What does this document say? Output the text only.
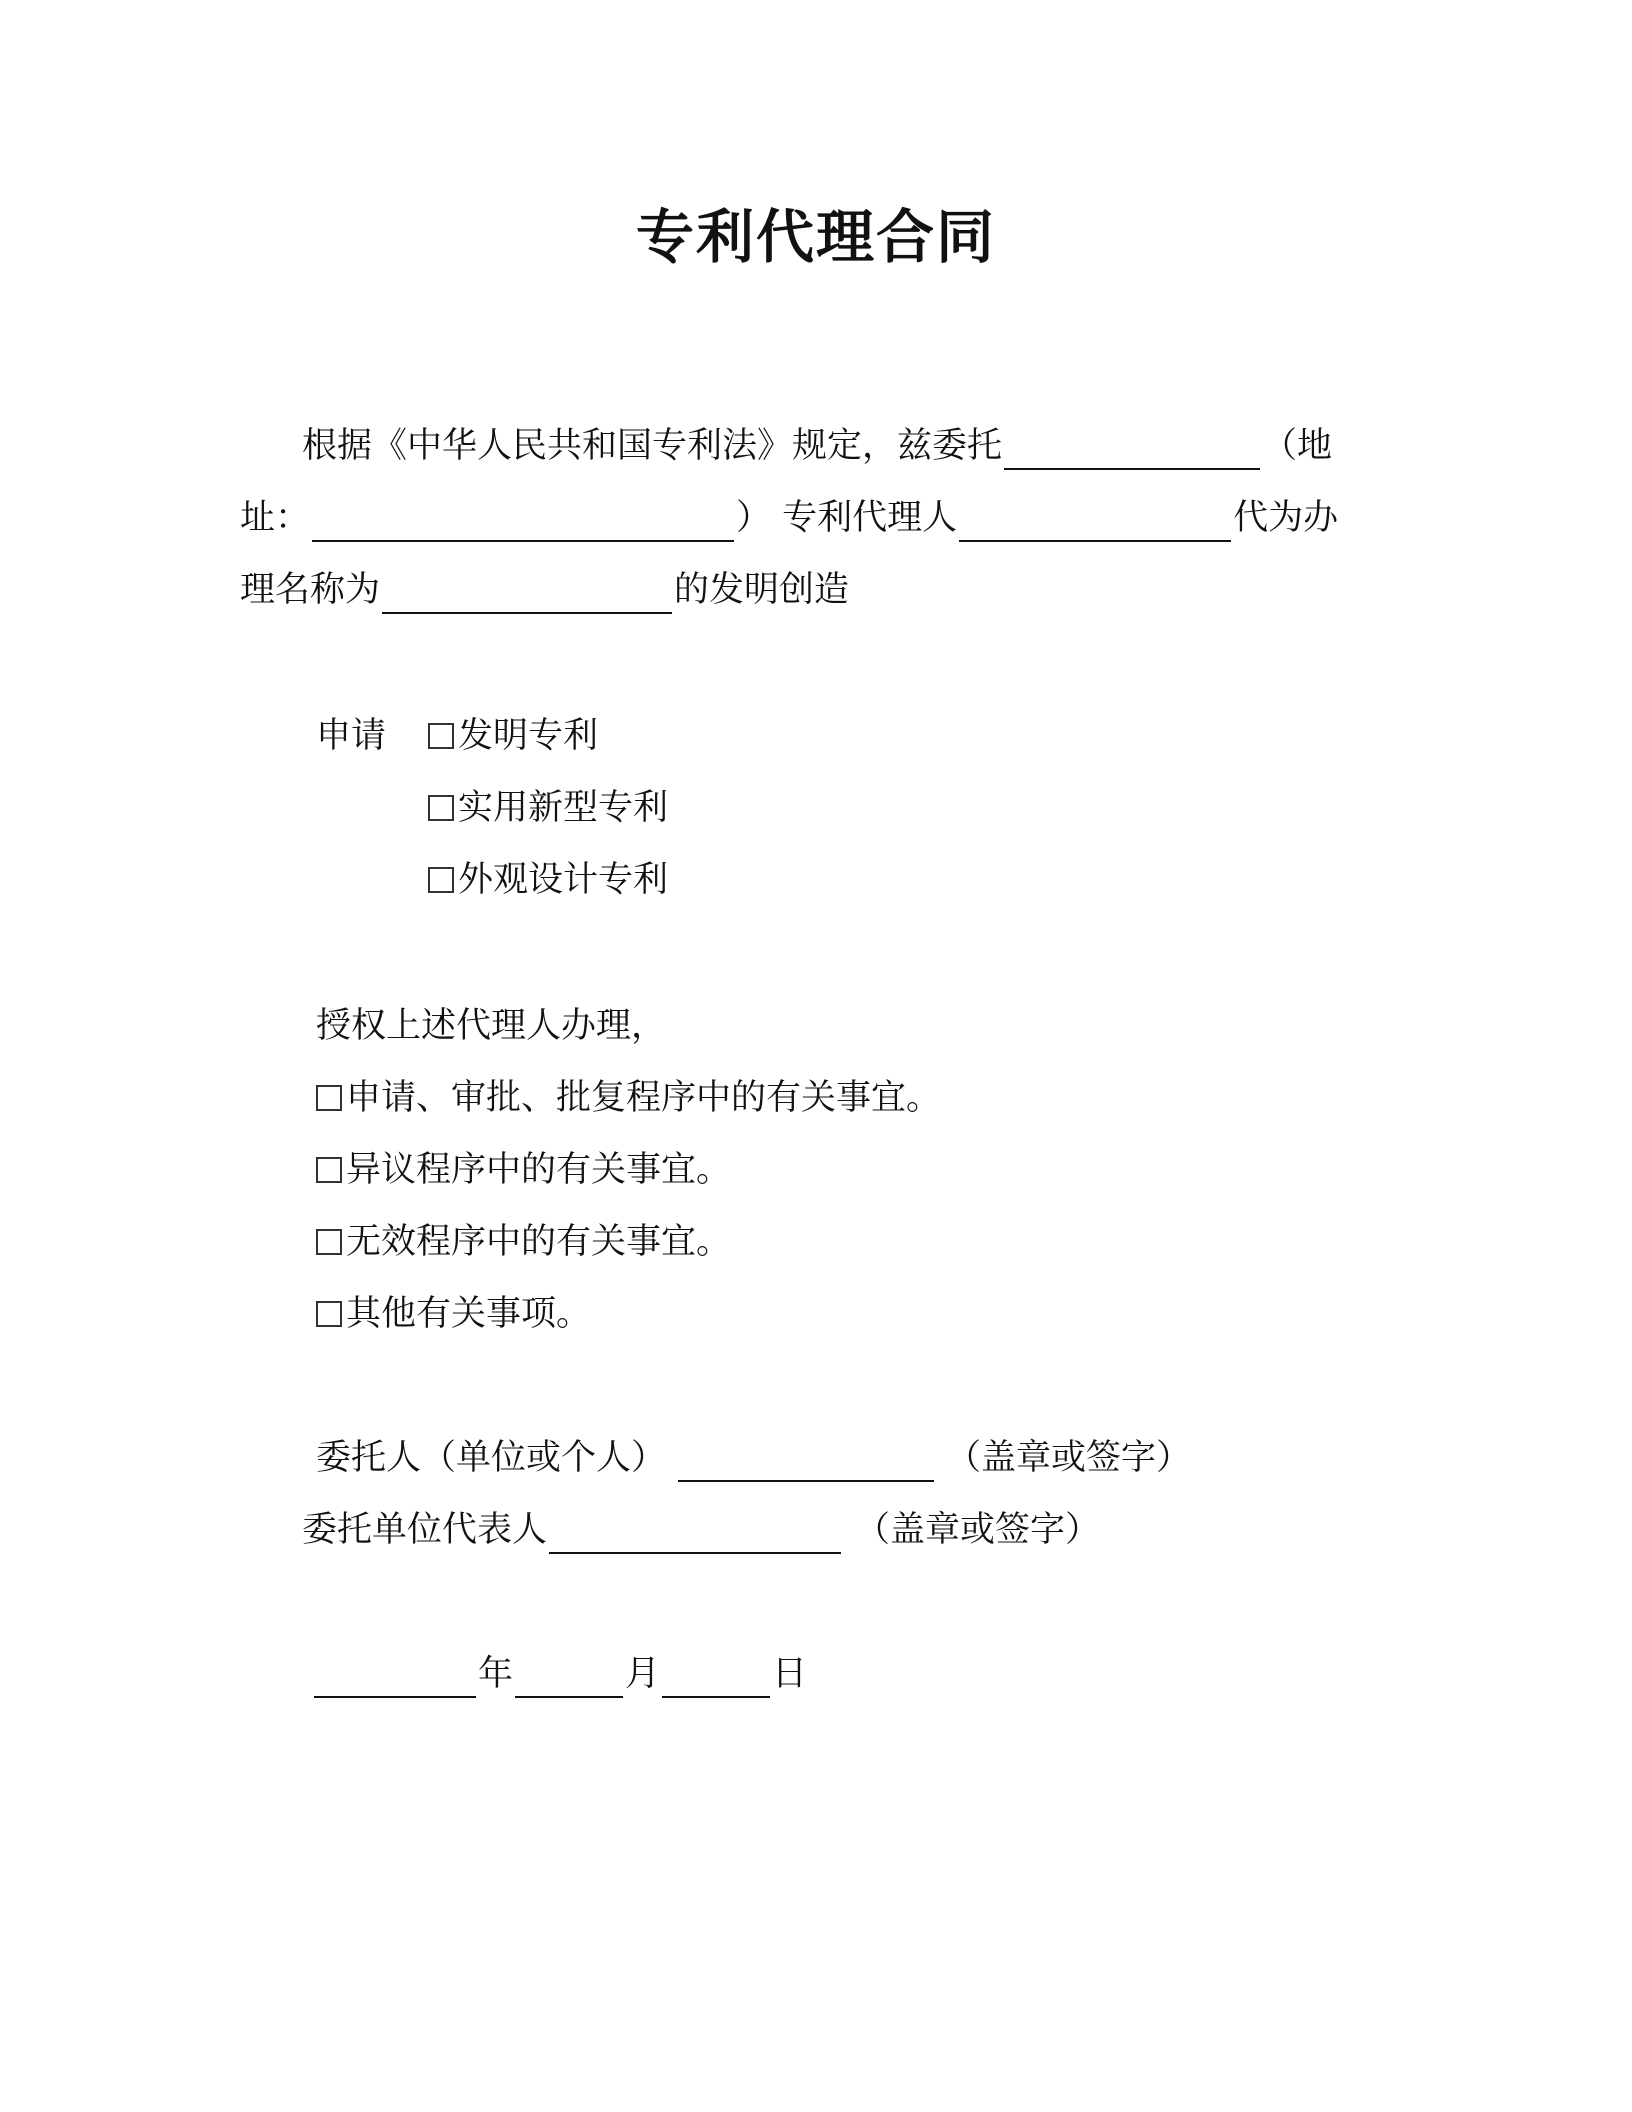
专利代理合同
根据《中华人民共和国专利法》规定，兹委托	（地
址：	） 专利代理人	代为办
理名称为	的发明创造
申请	发明专利
实用新型专利
外观设计专利
授权上述代理人办理，
申请、审批、批复程序中的有关事宜。
异议程序中的有关事宜。
无效程序中的有关事宜。
其他有关事项。
委托人（单位或个人）	（盖章或签字）
委托单位代表人	（盖章或签字）
年	月	日
